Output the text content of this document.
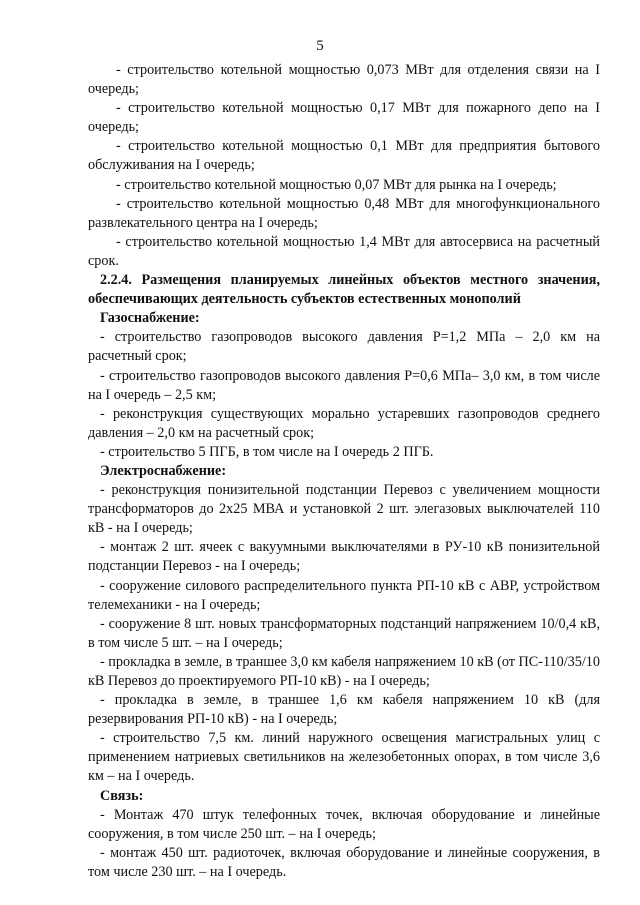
5

- строительство котельной мощностью 0,073 МВт для отделения связи на I очередь;

- строительство котельной мощностью 0,17 МВт для пожарного депо на I очередь;

- строительство котельной мощностью 0,1 МВт для предприятия бытового обслуживания на I очередь;

- строительство котельной мощностью 0,07 МВт для рынка на I очередь;

- строительство котельной мощностью 0,48 МВт для многофункционального развлекательного центра на I очередь;

- строительство котельной мощностью 1,4 МВт для автосервиса на расчетный срок.

2.2.4. Размещения планируемых линейных объектов местного значения, обеспечивающих деятельность субъектов естественных монополий

Газоснабжение:

- строительство газопроводов высокого давления Р=1,2 МПа – 2,0 км на расчетный срок;

- строительство газопроводов высокого давления Р=0,6 МПа– 3,0 км, в том числе на I очередь – 2,5 км;

- реконструкция существующих морально устаревших газопроводов среднего давления – 2,0 км на расчетный срок;

- строительство 5 ПГБ, в том числе на I очередь 2 ПГБ.

Электроснабжение:

- реконструкция понизительной подстанции Перевоз с увеличением мощности трансформаторов до 2х25 МВА и установкой 2 шт. элегазовых выключателей 110 кВ - на I очередь;

- монтаж 2 шт. ячеек с вакуумными выключателями в РУ-10 кВ понизительной подстанции Перевоз - на I очередь;

- сооружение силового распределительного пункта РП-10 кВ с АВР, устройством телемеханики - на I очередь;

- сооружение 8 шт. новых трансформаторных подстанций напряжением 10/0,4 кВ, в том числе 5 шт. – на I очередь;

- прокладка в земле, в траншее 3,0 км кабеля напряжением 10 кВ (от ПС-110/35/10 кВ Перевоз до проектируемого РП-10 кВ) - на I очередь;

- прокладка в земле, в траншее 1,6 км кабеля напряжением 10 кВ (для резервирования РП-10 кВ) - на I очередь;

- строительство 7,5 км. линий наружного освещения магистральных улиц с применением натриевых светильников на железобетонных опорах, в том числе 3,6 км – на I очередь.

Связь:

- Монтаж 470 штук телефонных точек, включая оборудование и линейные сооружения, в том числе 250 шт. – на I очередь;

- монтаж 450 шт. радиоточек, включая оборудование и линейные сооружения, в том числе 230 шт. – на I очередь.
